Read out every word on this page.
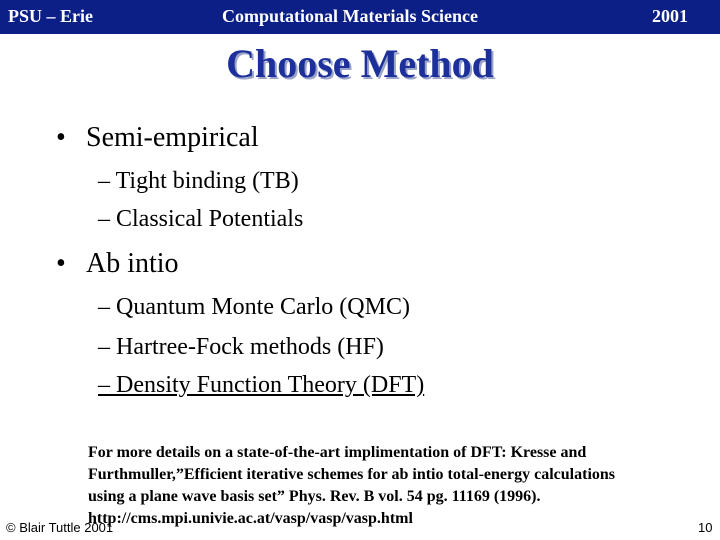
PSU – Erie	Computational Materials Science	2001
Choose Method
• Semi-empirical
– Tight binding (TB)
– Classical Potentials
• Ab intio
– Quantum Monte Carlo (QMC)
– Hartree-Fock methods (HF)
– Density Function Theory (DFT)
For more details on a state-of-the-art implimentation of DFT: Kresse and
Furthmuller,”Efficient iterative schemes for ab intio total-energy calculations
using a plane wave basis set” Phys. Rev. B vol. 54 pg. 11169 (1996).
http://cms.mpi.univie.ac.at/vasp/vasp/vasp.html
© Blair Tuttle 2001	10
